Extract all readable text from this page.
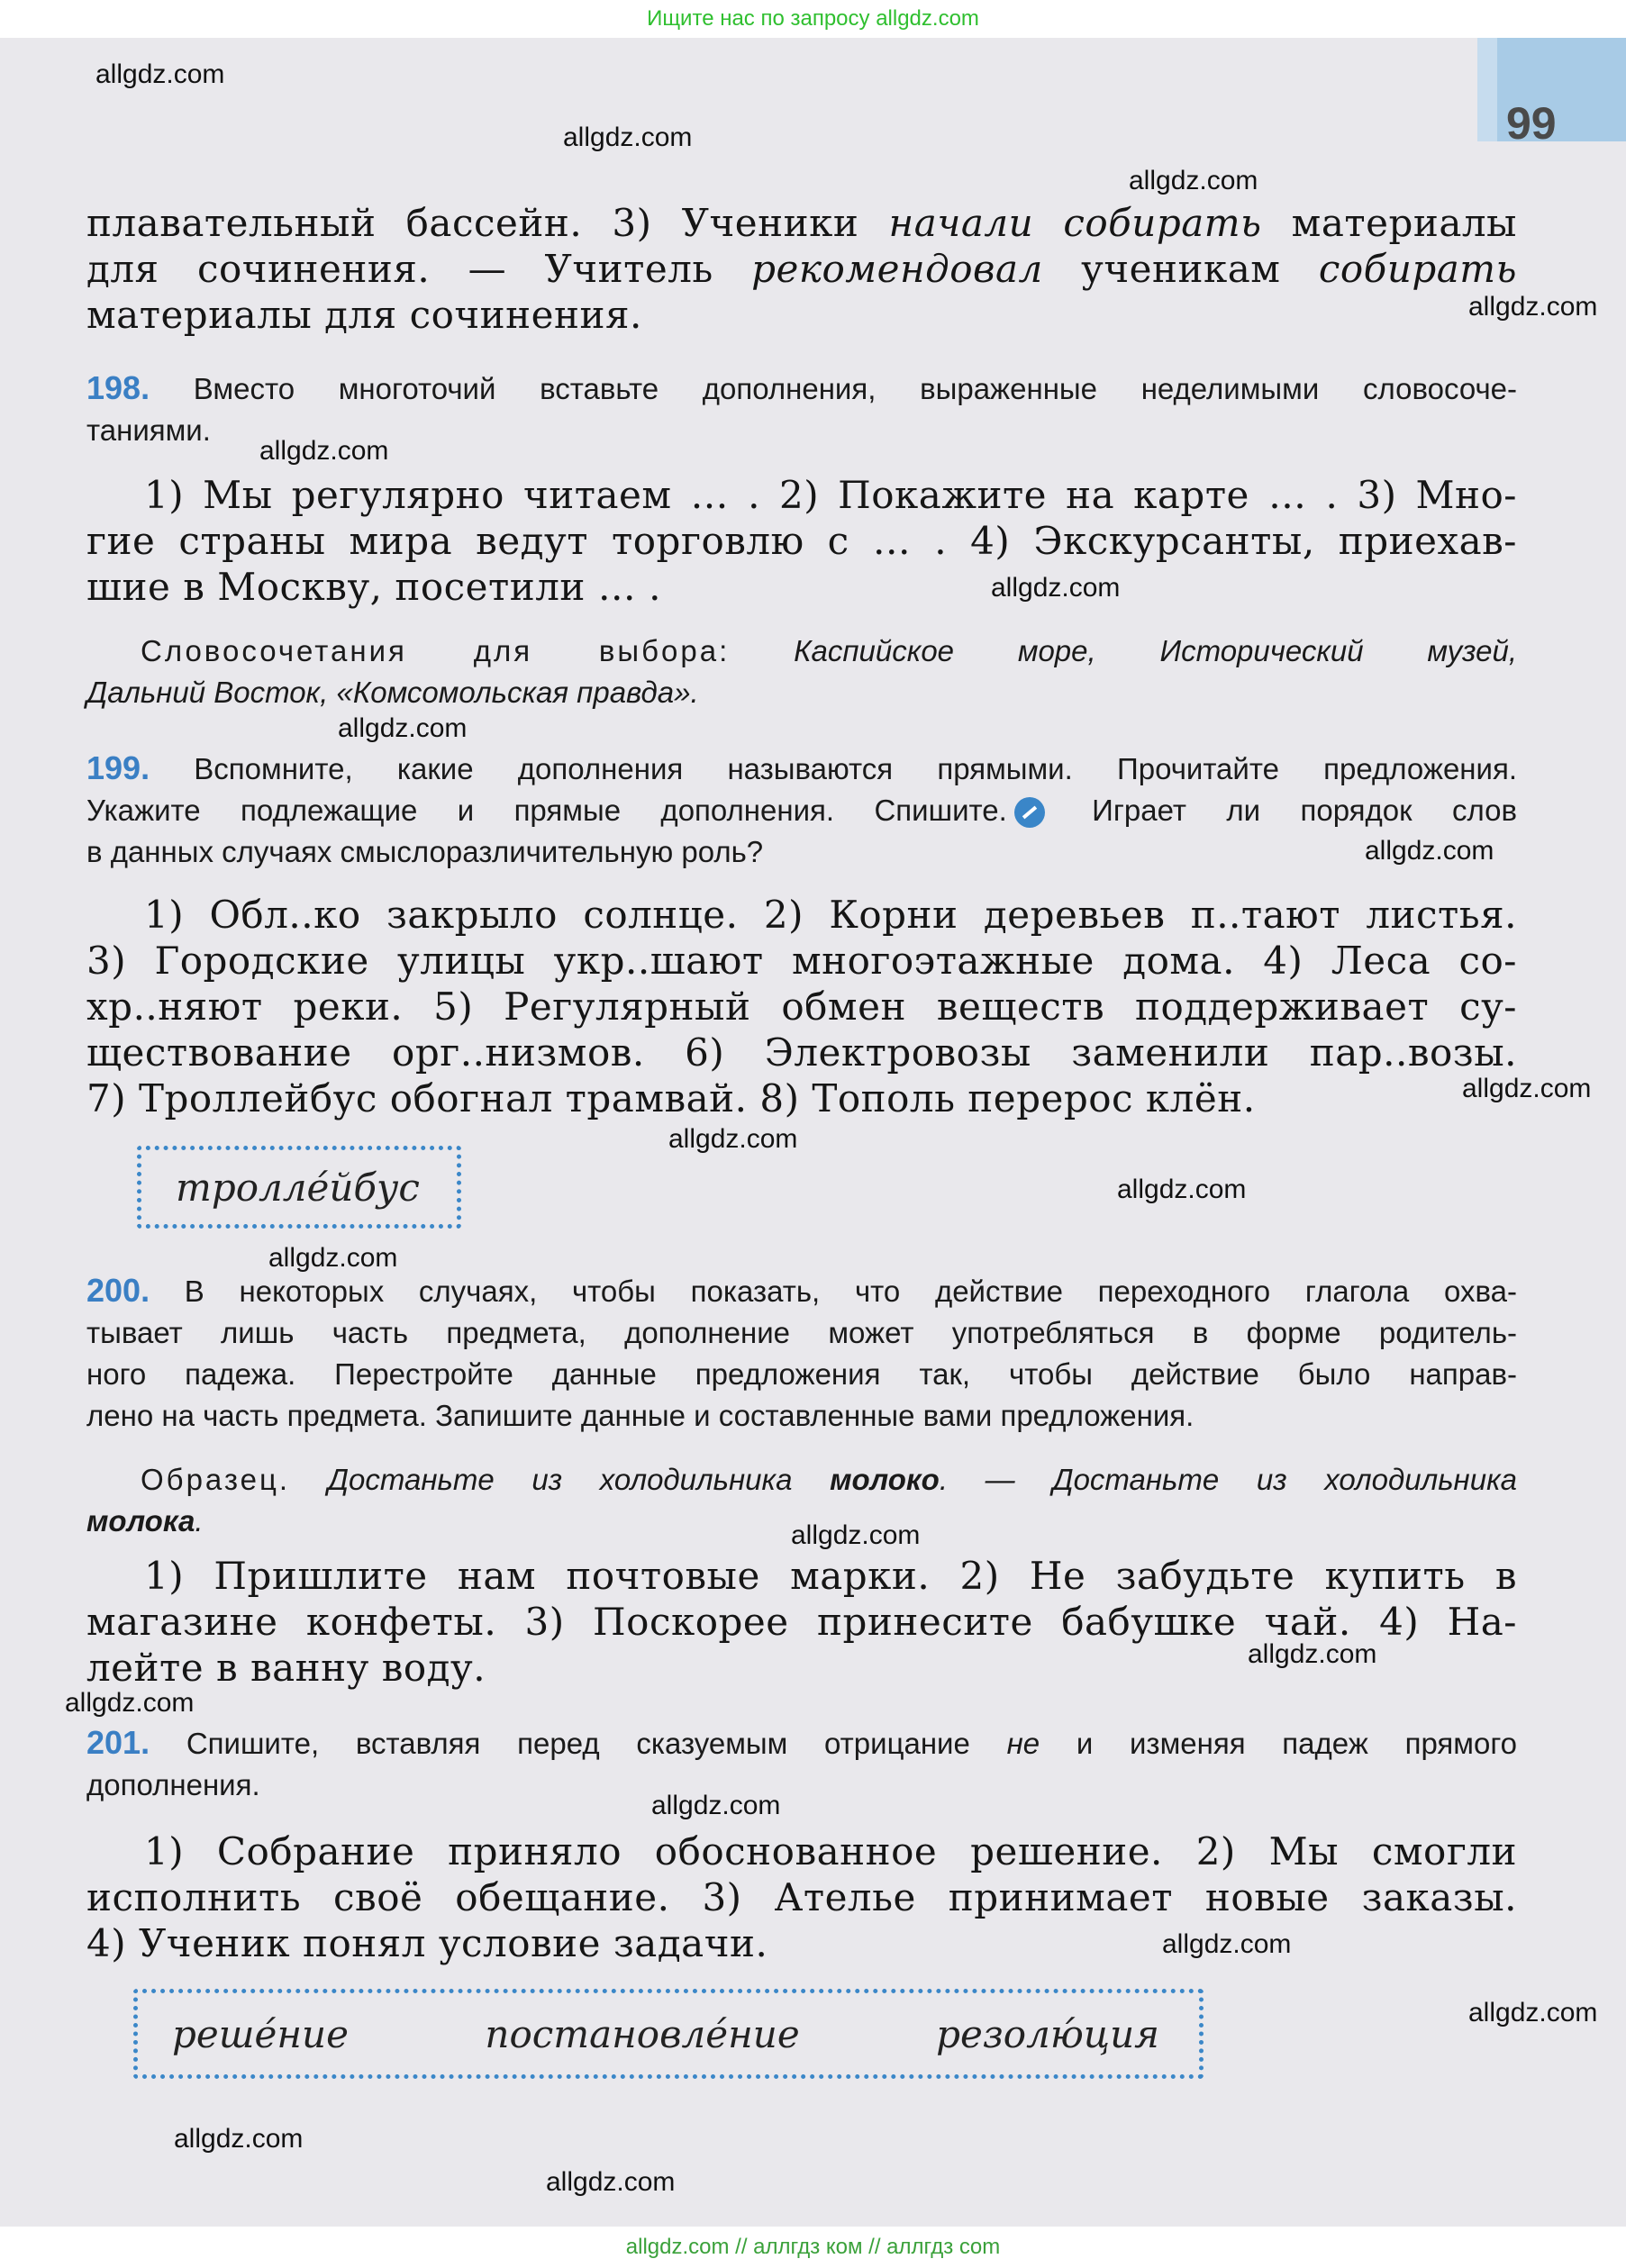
Ищите нас по запросу allgdz.com
99
allgdz.com
allgdz.com
allgdz.com
allgdz.com
allgdz.com
allgdz.com
allgdz.com
allgdz.com
allgdz.com
allgdz.com
allgdz.com
allgdz.com
allgdz.com
allgdz.com
allgdz.com
allgdz.com
allgdz.com
allgdz.com
allgdz.com
allgdz.com
плавательный бассейн. 3) Ученики начали собирать материалы
для сочинения. — Учитель рекомендовал ученикам собирать
материалы для сочинения.
198. Вместо многоточий вставьте дополнения, выраженные неделимыми словосоче-
таниями.
1) Мы регулярно читаем … . 2) Покажите на карте … . 3) Мно-
гие страны мира ведут торговлю с … . 4) Экскурсанты, приехав-
шие в Москву, посетили … .
Словосочетания для выбора: Каспийское море, Исторический музей,
Дальний Восток, «Комсомольская правда».
199. Вспомните, какие дополнения называются прямыми. Прочитайте предложения.
Укажите подлежащие и прямые дополнения. Спишите. Играет ли порядок слов
в данных случаях смыслоразличительную роль?
1) Обл..ко закрыло солнце. 2) Корни деревьев п..тают листья.
3) Городские улицы укр..шают многоэтажные дома. 4) Леса со-
хр..няют реки. 5) Регулярный обмен веществ поддерживает су-
ществование орг..низмов. 6) Электровозы заменили пар..возы.
7) Троллейбус обогнал трамвай. 8) Тополь перерос клён.
тролле́йбус
200. В некоторых случаях, чтобы показать, что действие переходного глагола охва-
тывает лишь часть предмета, дополнение может употребляться в форме родитель-
ного падежа. Перестройте данные предложения так, чтобы действие было направ-
лено на часть предмета. Запишите данные и составленные вами предложения.
Образец. Достаньте из холодильника молоко. — Достаньте из холодильника
молока.
1) Пришлите нам почтовые марки. 2) Не забудьте купить в
магазине конфеты. 3) Поскорее принесите бабушке чай. 4) На-
лейте в ванну воду.
201. Спишите, вставляя перед сказуемым отрицание не и изменяя падеж прямого
дополнения.
1) Собрание приняло обоснованное решение. 2) Мы смогли
исполнить своё обещание. 3) Ателье принимает новые заказы.
4) Ученик понял условие задачи.
реше́ние	постановле́ние	резолю́ция
allgdz.com // аллгдз ком // аллгдз com
